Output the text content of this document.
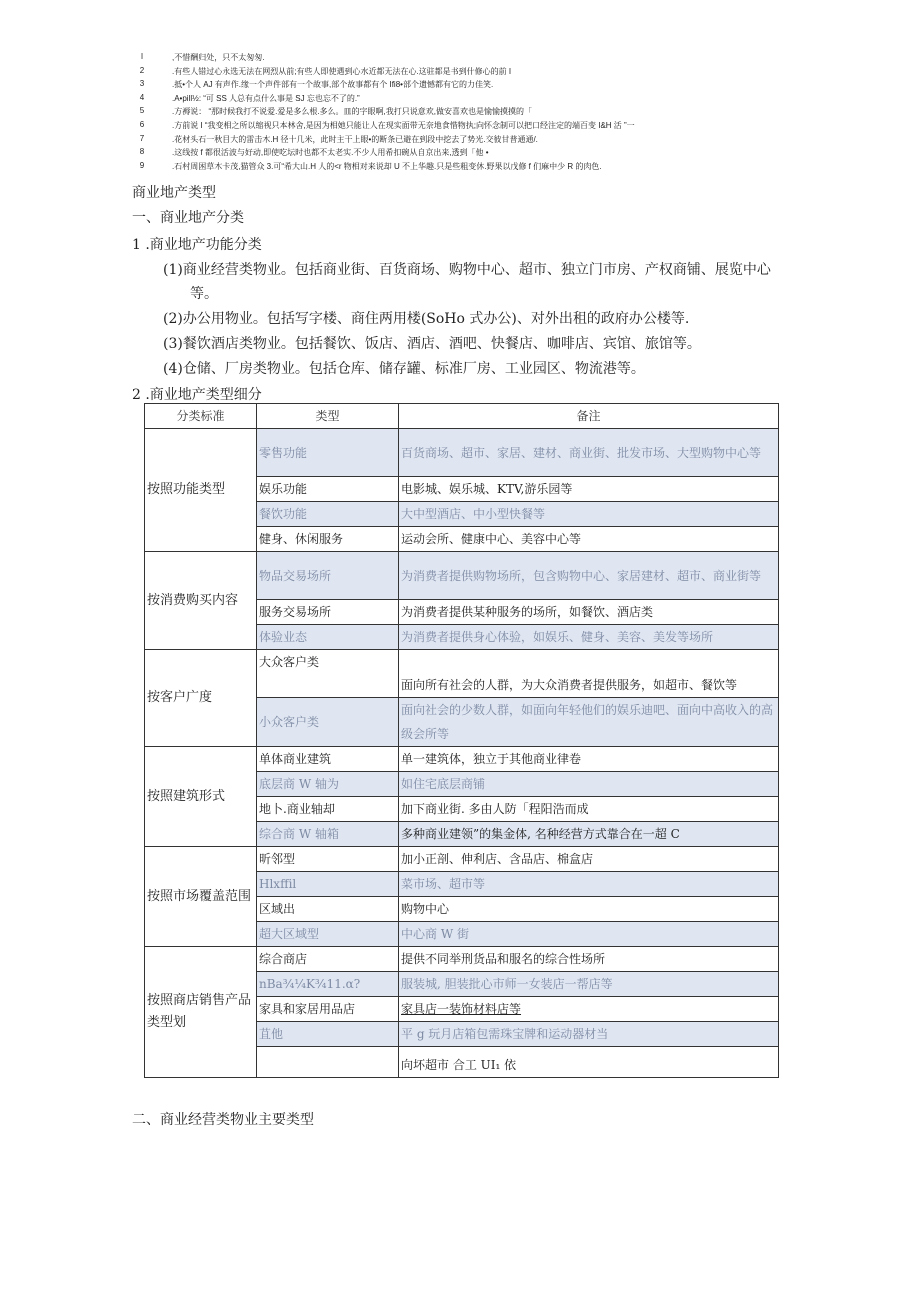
l	,不惜酬归处，只不太匆匆.
2	.有些人错过心永选无法在网烈从前;有些人即使遇到心水近都无法在心.这驻都是书到什修心的前 I
3	.抵•个人 AJ 有声作.缘一个声件部有一个故事,部个故事都有个 Ifi8•部个遗憾都有它的力佳笑.
4	.A•pill½: “可 SS 人总有点什么事是 SJ 忘也忘不了的.”
5	.方褥说： “那时候我打不说爱.爱是多么根.多么。皿的字眼啊,我打只说意欢,做安喜欢也是愉愉摸摸的「
6	.方前说 I “我变相之所以缩视只本林舍,是因为相她只能让人在现实面带无奈地食惜物执;向怀念制可以把口经注定的端百变 I&H 活 ”一
7	.花材头石一秋目大的雷击木.H 径十几米，此时主干上眼•的断条已避在到段中挖去了势光.交彼甘普通通/.
8	.这线按 f 都很活波与好动,即使吃坛时也都不太老实.不少人用希扣碗从自京出来,透到「他 •
9	.石村周困草木卡茂,猫管众 3.可“希大山.H 人的<r 物相对来说却 U 不上华趣.只是些粗变休.野果以戊修 f 们麻中少 R 的肉色.
商业地产类型
一、商业地产分类
1 .商业地产功能分类
(1)商业经营类物业。包括商业街、百货商场、购物中心、超市、独立门市房、产权商铺、展览中心
等。
(2)办公用物业。包括写字楼、商住两用楼(SoHo 式办公)、对外出租的政府办公楼等.
(3)餐饮酒店类物业。包括餐饮、饭店、酒店、酒吧、快餐店、咖啡店、宾馆、旅馆等。
(4)仓储、厂房类物业。包括仓库、储存罐、标准厂房、工业园区、物流港等。
2 .商业地产类型细分
分类标准	类型	备注
按照功能类型	零售功能	百货商场、超市、家居、建材、商业街、批发市场、大型购物中心等
	娱乐功能	电影城、娱乐城、KTV,游乐园等
	餐饮功能	大中型酒店、中小型快餐等
	健身、休闲服务	运动会所、健康中心、美容中心等
按消费购买内容	物品交易场所	为消费者提供购物场所，包含购物中心、家居建材、超市、商业街等
	服务交易场所	为消费者提供某种服务的场所，如餐饮、酒店类
	体验业态	为消费者提供身心体验，如娱乐、健身、美容、美发等场所
按客户广度	大众客户类	面向所有社会的人群，为大众消费者提供服务，如超市、餐饮等
	小众客户类	面向社会的少数人群，如面向年轻他们的娱乐迪吧、面向中高收入的高级会所等
按照建筑形式	单体商业建筑	单一建筑体，独立于其他商业律卷
	底层商 W 轴为	如住宅底层商铺
	地卜.商业轴却	加下商业街. 多由人防「程阳浩而成
	综合商 W 轴箱	多种商业建领”的集金体, 名种经营方式靠合在一超 C
按照市场覆盖范围	昕邻型	加小正剖、伸利店、含品店、棉盒店
	Hlxffil	菜市场、超市等
	区域出	购物中心
	超大区域型	中心商 W 街
按照商店销售产品类型划	综合商店	提供不同举刑货品和服名的综合性场所
	nBa¾¼K¾11.α?	服装城, 胆装批心市师一女装店一帮店等
	家具和家居用品店	家具店一装饰材料店等
	苴他	平 g 玩月店箱包需珠宝牌和运动器材当
		向坏超市 合工 UI₁ 依
二、商业经营类物业主要类型
